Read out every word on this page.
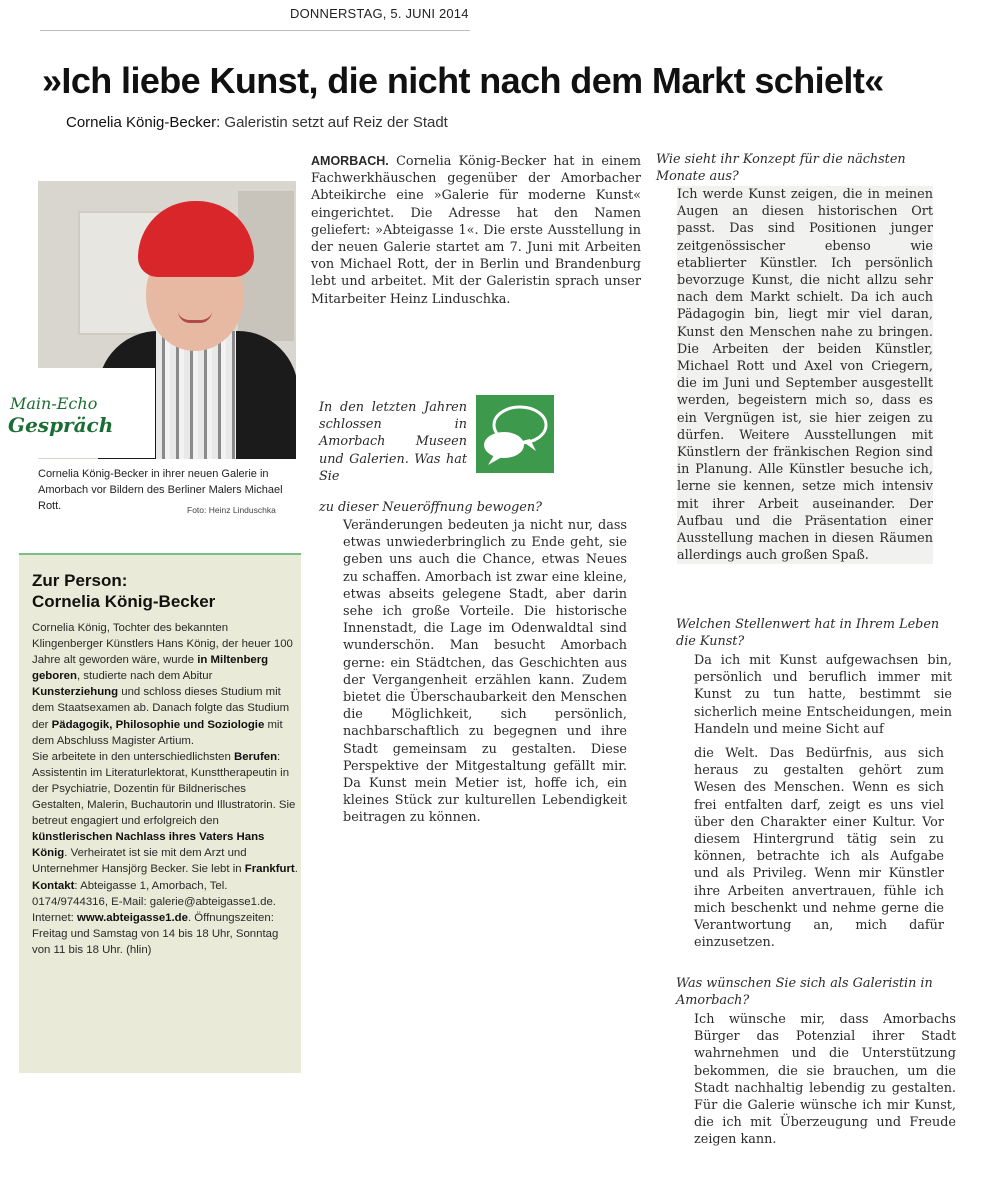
DONNERSTAG, 5. JUNI 2014
»Ich liebe Kunst, die nicht nach dem Markt schielt«
Cornelia König-Becker: Galeristin setzt auf Reiz der Stadt
Main-Echo
Gespräch
Cornelia König-Becker in ihrer neuen Galerie in Amorbach vor Bildern des Berliner Malers Michael Rott.	Foto: Heinz Linduschka
Zur Person:
Cornelia König-Becker
Cornelia König, Tochter des bekannten Klingenberger Künstlers Hans König, der heuer 100 Jahre alt geworden wäre, wurde in Miltenberg geboren, studierte nach dem Abitur Kunsterziehung und schloss dieses Studium mit dem Staatsexamen ab. Danach folgte das Studium der Pädagogik, Philosophie und Soziologie mit dem Abschluss Magister Artium.
Sie arbeitete in den unterschiedlichsten Berufen: Assistentin im Literaturlektorat, Kunsttherapeutin in der Psychiatrie, Dozentin für Bildnerisches Gestalten, Malerin, Buchautorin und Illustratorin. Sie betreut engagiert und erfolgreich den künstlerischen Nachlass ihres Vaters Hans König. Verheiratet ist sie mit dem Arzt und Unternehmer Hansjörg Becker. Sie lebt in Frankfurt. Kontakt: Abteigasse 1, Amorbach, Tel. 0174/9744316, E-Mail: galerie@abteigasse1.de. Internet: www.abteigasse1.de. Öffnungszeiten: Freitag und Samstag von 14 bis 18 Uhr, Sonntag von 11 bis 18 Uhr. (hlin)
AMORBACH. Cornelia König-Becker hat in einem Fachwerkhäuschen gegenüber der Amorbacher Abteikirche eine »Galerie für moderne Kunst« eingerichtet. Die Adresse hat den Namen geliefert: »Abteigasse 1«. Die erste Ausstellung in der neuen Galerie startet am 7. Juni mit Arbeiten von Michael Rott, der in Berlin und Brandenburg lebt und arbeitet. Mit der Galeristin sprach unser Mitarbeiter Heinz Linduschka.
In den letzten Jahren schlossen in Amorbach Museen und Galerien. Was hat Sie
zu dieser Neueröffnung bewogen?
Veränderungen bedeuten ja nicht nur, dass etwas unwiederbringlich zu Ende geht, sie geben uns auch die Chance, etwas Neues zu schaffen. Amorbach ist zwar eine kleine, etwas abseits gelegene Stadt, aber darin sehe ich große Vorteile. Die historische Innenstadt, die Lage im Odenwaldtal sind wunderschön. Man besucht Amorbach gerne: ein Städtchen, das Geschichten aus der Vergangenheit erzählen kann. Zudem bietet die Überschaubarkeit den Menschen die Möglichkeit, sich persönlich, nachbarschaftlich zu begegnen und ihre Stadt gemeinsam zu gestalten. Diese Perspektive der Mitgestaltung gefällt mir. Da Kunst mein Metier ist, hoffe ich, ein kleines Stück zur kulturellen Lebendigkeit beitragen zu können.
Wie sieht ihr Konzept für die nächsten Monate aus?
Ich werde Kunst zeigen, die in meinen Augen an diesen historischen Ort passt. Das sind Positionen junger zeitgenössischer ebenso wie etablierter Künstler. Ich persönlich bevorzuge Kunst, die nicht allzu sehr nach dem Markt schielt. Da ich auch Pädagogin bin, liegt mir viel daran, Kunst den Menschen nahe zu bringen. Die Arbeiten der beiden Künstler, Michael Rott und Axel von Criegern, die im Juni und September ausgestellt werden, begeistern mich so, dass es ein Vergnügen ist, sie hier zeigen zu dürfen. Weitere Ausstellungen mit Künstlern der fränkischen Region sind in Planung. Alle Künstler besuche ich, lerne sie kennen, setze mich intensiv mit ihrer Arbeit auseinander. Der Aufbau und die Präsentation einer Ausstellung machen in diesen Räumen allerdings auch großen Spaß.
Welchen Stellenwert hat in Ihrem Leben die Kunst?
Da ich mit Kunst aufgewachsen bin, persönlich und beruflich immer mit Kunst zu tun hatte, bestimmt sie sicherlich meine Entscheidungen, mein Handeln und meine Sicht auf
die Welt. Das Bedürfnis, aus sich heraus zu gestalten gehört zum Wesen des Menschen. Wenn es sich frei entfalten darf, zeigt es uns viel über den Charakter einer Kultur. Vor diesem Hintergrund tätig sein zu können, betrachte ich als Aufgabe und als Privileg. Wenn mir Künstler ihre Arbeiten anvertrauen, fühle ich mich beschenkt und nehme gerne die Verantwortung an, mich dafür einzusetzen.
Was wünschen Sie sich als Galeristin in Amorbach?
Ich wünsche mir, dass Amorbachs Bürger das Potenzial ihrer Stadt wahrnehmen und die Unterstützung bekommen, die sie brauchen, um die Stadt nachhaltig lebendig zu gestalten. Für die Galerie wünsche ich mir Kunst, die ich mit Überzeugung und Freude zeigen kann.
